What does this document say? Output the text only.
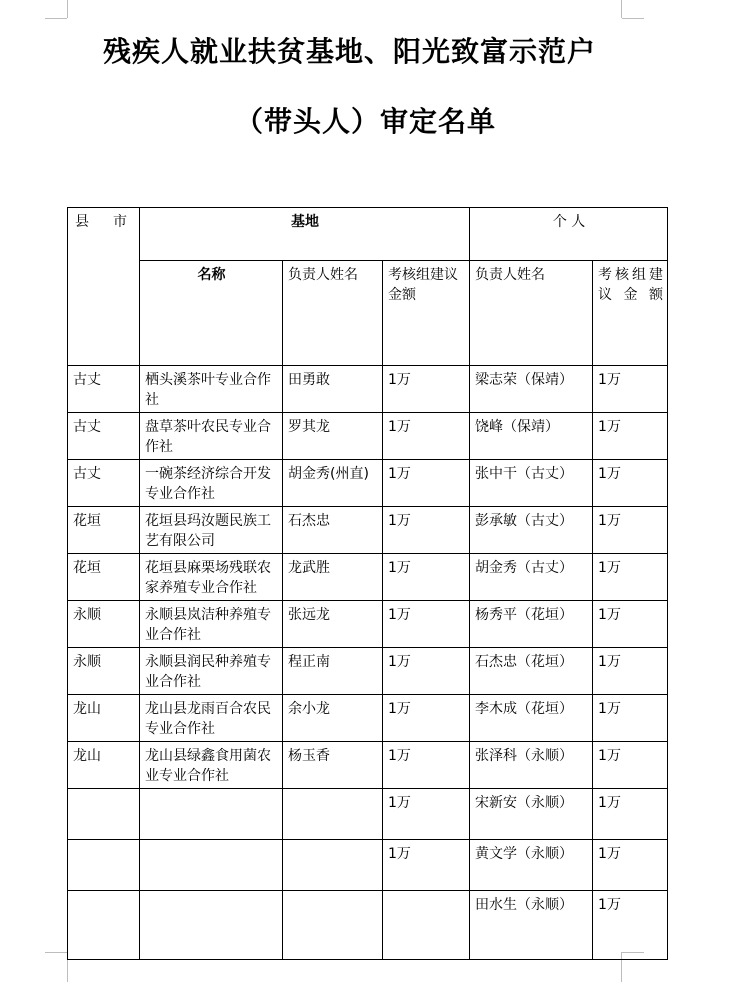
残疾人就业扶贫基地、阳光致富示范户
（带头人）审定名单
县 市	基地			个 人	
	名称	负责人姓名	考核组建议金额	负责人姓名	考核组建议金额
古丈	栖头溪茶叶专业合作社	田勇敢	1万	梁志荣（保靖）	1万
古丈	盘草茶叶农民专业合作社	罗其龙	1万	饶峰（保靖）	1万
古丈	一碗茶经济综合开发专业合作社	胡金秀(州直)	1万	张中干（古丈）	1万
花垣	花垣县玛汝题民族工艺有限公司	石杰忠	1万	彭承敏（古丈）	1万
花垣	花垣县麻栗场残联农家养殖专业合作社	龙武胜	1万	胡金秀（古丈）	1万
永顺	永顺县岚洁种养殖专业合作社	张远龙	1万	杨秀平（花垣）	1万
永顺	永顺县润民种养殖专业合作社	程正南	1万	石杰忠（花垣）	1万
龙山	龙山县龙雨百合农民专业合作社	余小龙	1万	李木成（花垣）	1万
龙山	龙山县绿鑫食用菌农业专业合作社	杨玉香	1万	张泽科（永顺）	1万
			1万	宋新安（永顺）	1万
			1万	黄文学（永顺）	1万
				田水生（永顺）	1万
